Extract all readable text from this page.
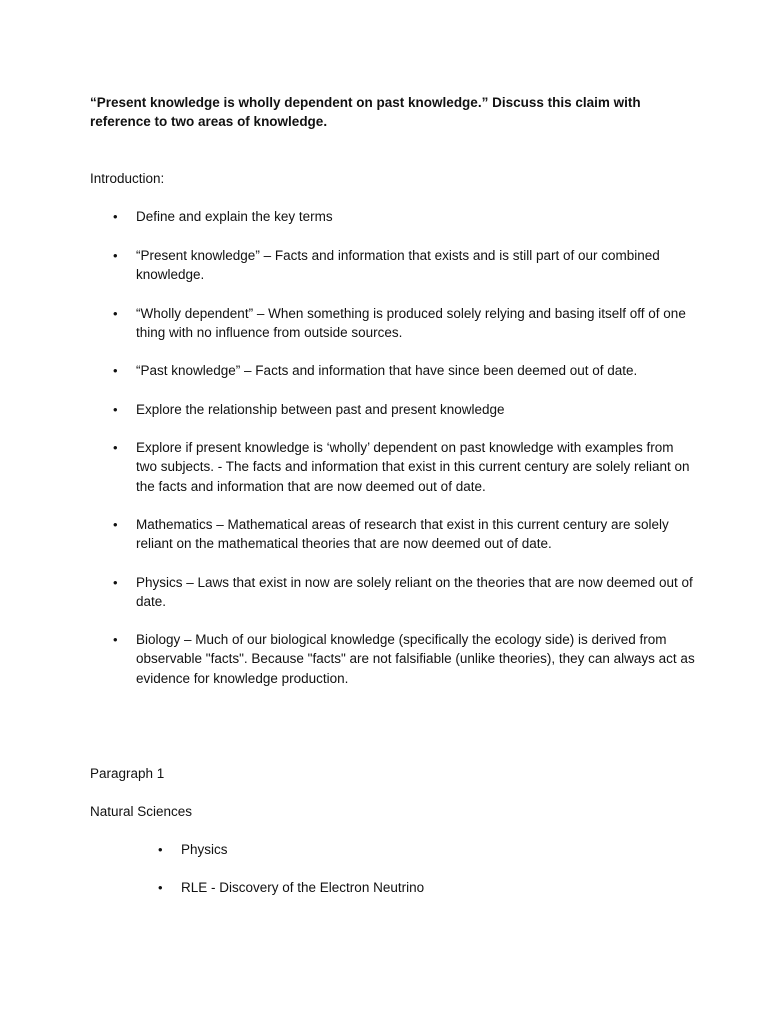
“Present knowledge is wholly dependent on past knowledge.” Discuss this claim with reference to two areas of knowledge.

Introduction:

• Define and explain the key terms
• “Present knowledge” – Facts and information that exists and is still part of our combined knowledge.
• “Wholly dependent” – When something is produced solely relying and basing itself off of one thing with no influence from outside sources.
• “Past knowledge” – Facts and information that have since been deemed out of date.
• Explore the relationship between past and present knowledge
• Explore if present knowledge is ‘wholly’ dependent on past knowledge with examples from two subjects. - The facts and information that exist in this current century are solely reliant on the facts and information that are now deemed out of date.
• Mathematics – Mathematical areas of research that exist in this current century are solely reliant on the mathematical theories that are now deemed out of date.
• Physics – Laws that exist in now are solely reliant on the theories that are now deemed out of date.
• Biology – Much of our biological knowledge (specifically the ecology side) is derived from observable "facts". Because "facts" are not falsifiable (unlike theories), they can always act as evidence for knowledge production.

Paragraph 1

Natural Sciences

• Physics
• RLE - Discovery of the Electron Neutrino
